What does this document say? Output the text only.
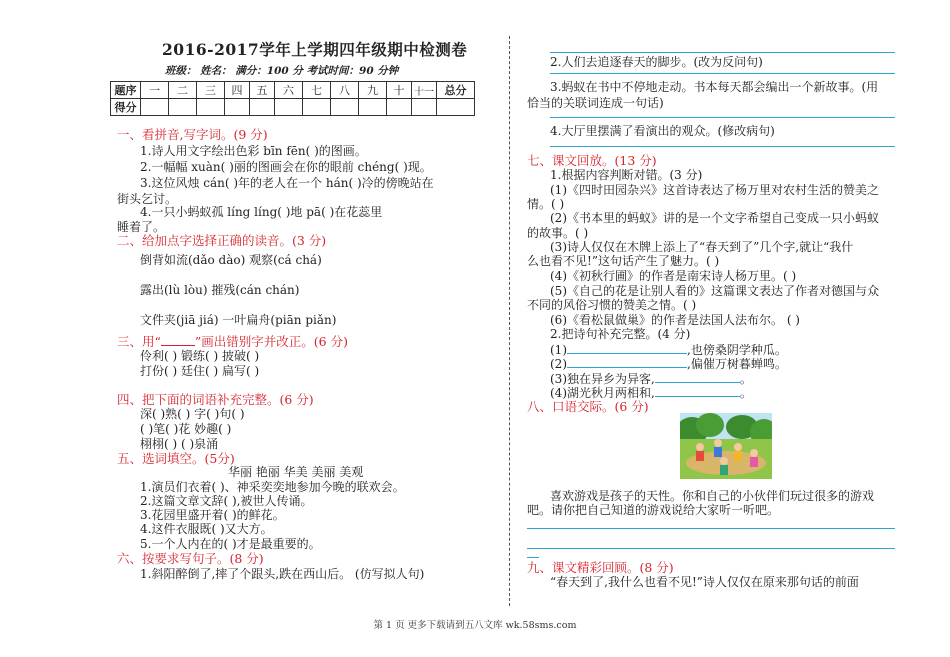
2016-2017学年上学期四年级期中检测卷
班级： 姓名： 满分：100 分 考试时间：90 分钟
题序	一	二	三	四	五	六	七	八	九	十	十一	总分
得分												
一、看拼音,写字词。(9 分)
1.诗人用文字绘出色彩 bīn fēn( )的图画。
2.一幅幅 xuàn( )丽的图画会在你的眼前 chéng( )现。
3.这位风烛 cán( )年的老人在一个 hán( )冷的傍晚站在
街头乞讨。
4.一只小蚂蚁孤 líng líng( )地 pā( )在花蕊里
睡着了。
二、给加点字选择正确的读音。(3 分)
倒背如流(dǎo dào) 观察(cá chá)
露出(lù lòu) 摧残(cán chán)
文件夹(jiā jiá) 一叶扁舟(piān piǎn)
三、用“	”画出错别字并改正。(6 分)
伶利( ) 锻练( ) 披破( )
打份( ) 廷住( ) 扁写( )
四、把下面的词语补充完整。(6 分)
深( )熟( ) 字( )句( )
( )笔( )花 妙趣( )
栩栩( ) ( )泉涌
五、选词填空。(5分)
华丽 艳丽 华美 美丽 美观
1.演员们衣着( )、神采奕奕地参加今晚的联欢会。
2.这篇文章文辞( ),被世人传诵。
3.花园里盛开着( )的鲜花。
4.这件衣服既( )又大方。
5.一个人内在的( )才是最重要的。
六、按要求写句子。(8 分)
1.斜阳醉倒了,摔了个跟头,跌在西山后。 (仿写拟人句)
2.人们去追逐春天的脚步。(改为反问句)
3.蚂蚁在书中不停地走动。书本每天都会编出一个新故事。(用
恰当的关联词连成一句话)
4.大厅里摆满了看演出的观众。(修改病句)
七、课文回放。(13 分)
1.根据内容判断对错。(3 分)
(1)《四时田园杂兴》这首诗表达了杨万里对农村生活的赞美之
情。( )
(2)《书本里的蚂蚁》讲的是一个文字希望自己变成一只小蚂蚁
的故事。( )
(3)诗人仅仅在木牌上添上了“春天到了”几个字,就让“我什
么也看不见!”这句话产生了魅力。( )
(4)《初秋行圃》的作者是南宋诗人杨万里。( )
(5)《自己的花是让别人看的》这篇课文表达了作者对德国与众
不同的风俗习惯的赞美之情。( )
(6)《看松鼠做巢》的作者是法国人法布尔。 ( )
2.把诗句补充完整。(4 分)
(1)	,也傍桑阴学种瓜。
(2)	,偏催万树暮蝉鸣。
(3)独在异乡为异客,	。
(4)湖光秋月两相和,	。
八、口语交际。(6 分)
喜欢游戏是孩子的天性。你和自己的小伙伴们玩过很多的游戏
吧。请你把自己知道的游戏说给大家听一听吧。
九、课文精彩回顾。(8 分)
“春天到了,我什么也看不见!”诗人仅仅在原来那句话的前面
第 1 页 更多下载请到五八文库 wk.58sms.com
